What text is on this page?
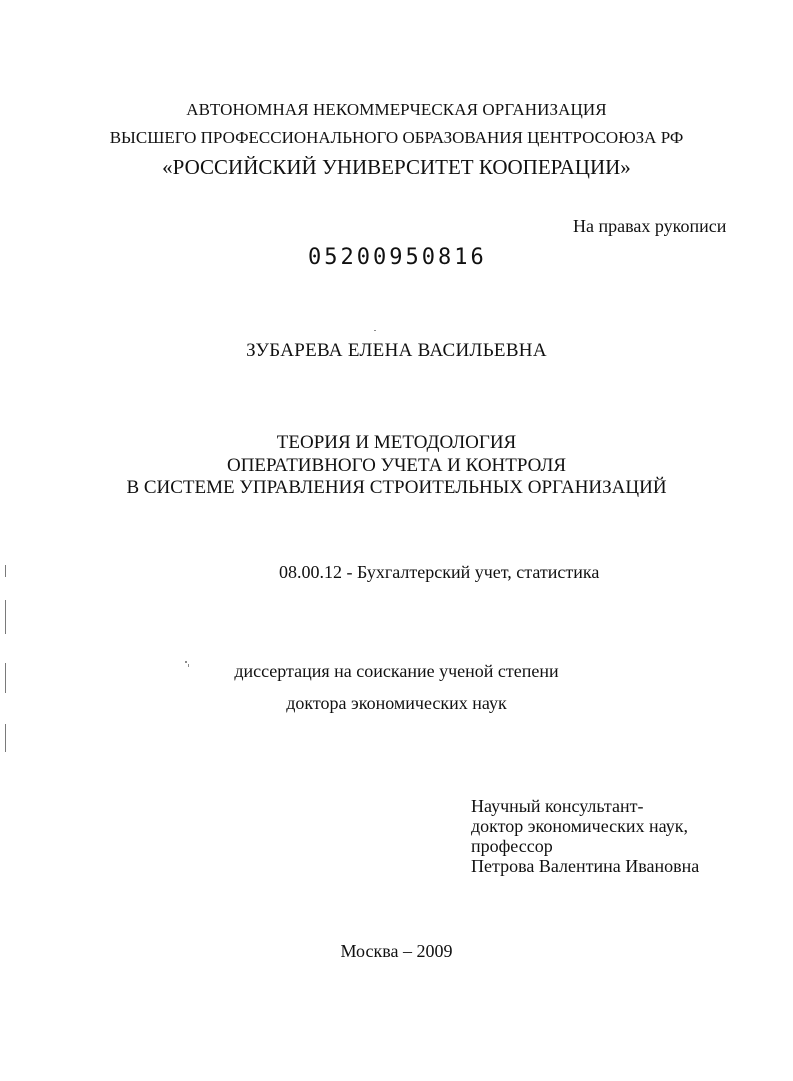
АВТОНОМНАЯ НЕКОММЕРЧЕСКАЯ ОРГАНИЗАЦИЯ
ВЫСШЕГО ПРОФЕССИОНАЛЬНОГО ОБРАЗОВАНИЯ ЦЕНТРОСОЮЗА РФ
«РОССИЙСКИЙ УНИВЕРСИТЕТ КООПЕРАЦИИ»
На правах рукописи
05200950816
ЗУБАРЕВА ЕЛЕНА ВАСИЛЬЕВНА
ТЕОРИЯ И МЕТОДОЛОГИЯ
ОПЕРАТИВНОГО УЧЕТА И КОНТРОЛЯ
В СИСТЕМЕ УПРАВЛЕНИЯ СТРОИТЕЛЬНЫХ ОРГАНИЗАЦИЙ
08.00.12 - Бухгалтерский учет, статистика
диссертация на соискание ученой степени
доктора экономических наук
Научный консультант-
доктор экономических наук,
профессор
Петрова Валентина Ивановна
Москва – 2009
